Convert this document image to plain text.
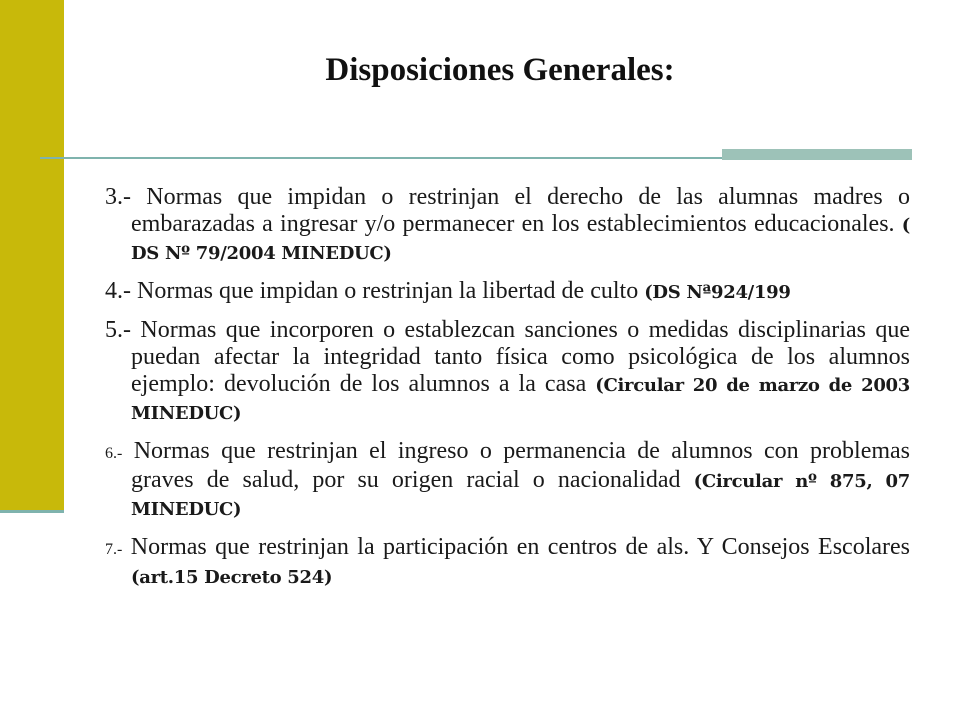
Disposiciones Generales:
3.- Normas que impidan o restrinjan el derecho de las alumnas madres o embarazadas a ingresar y/o permanecer en los establecimientos educacionales. ( DS Nº 79/2004 MINEDUC)
4.- Normas que impidan o restrinjan la libertad de culto (DS Nª924/199
5.- Normas que incorporen o establezcan sanciones o medidas disciplinarias que puedan afectar la integridad tanto física como psicológica de los alumnos ejemplo: devolución de los alumnos a la casa (Circular 20 de marzo de 2003 MINEDUC)
6.- Normas que restrinjan el ingreso o permanencia de alumnos con problemas graves de salud, por su origen racial o nacionalidad (Circular nº 875, 07 MINEDUC)
7.- Normas que restrinjan la participación en centros de als. Y Consejos Escolares (art.15 Decreto 524)
